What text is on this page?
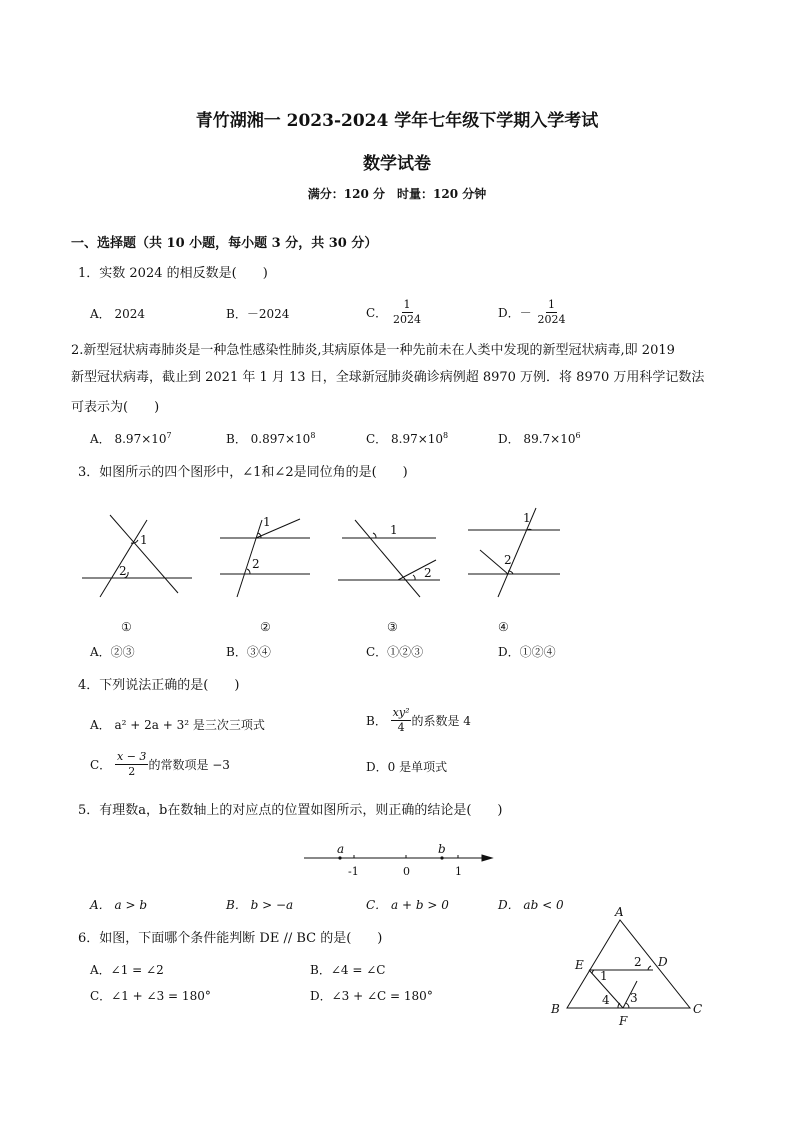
青竹湖湘一 2023-2024 学年七年级下学期入学考试
数学试卷
满分：120 分　时量：120 分钟
一、选择题（共 10 小题，每小题 3 分，共 30 分）
1．实数 2024 的相反数是(　　)
A． 2024	B．－2024	C． $\frac{1}{2024}$	D．－ $\frac{1}{2024}$
2.新型冠状病毒肺炎是一种急性感染性肺炎,其病原体是一种先前未在人类中发现的新型冠状病毒,即 2019
新型冠状病毒，截止到 2021 年 1 月 13 日，全球新冠肺炎确诊病例超 8970 万例．将 8970 万用科学记数法
可表示为(　　)
A． $8.97\times 10^7$	B． $0.897\times 10^8$	C． $8.97\times 10^8$	D． $89.7\times 10^6$
3．如图所示的四个图形中，∠1和∠2是同位角的是(　　)
1
2
1
2
1
2
1
2
①	②	③	④
A．②③	B．③④	C．①②③	D．①②④
4．下列说法正确的是(　　)
A． a² + 2a + 3² 是三次三项式	B． $\frac{\text{xy²}}{4}$ 的系数是 4
C． $\frac{x - 3}{2}$ 的常数项是 −3	D．0 是单项式
5．有理数a，b在数轴上的对应点的位置如图所示，则正确的结论是(　　)
a	b
-1	0	1
A． a > b	B． b > −a	C． a + b > 0	D． ab < 0
6．如图，下面哪个条件能判断 DE // BC 的是(　　)
A．∠1 = ∠2	B．∠4 = ∠C
C．∠1 + ∠3 = 180°	D．∠3 + ∠C = 180°
A
B	C
D
E
F
1
2
3
4
